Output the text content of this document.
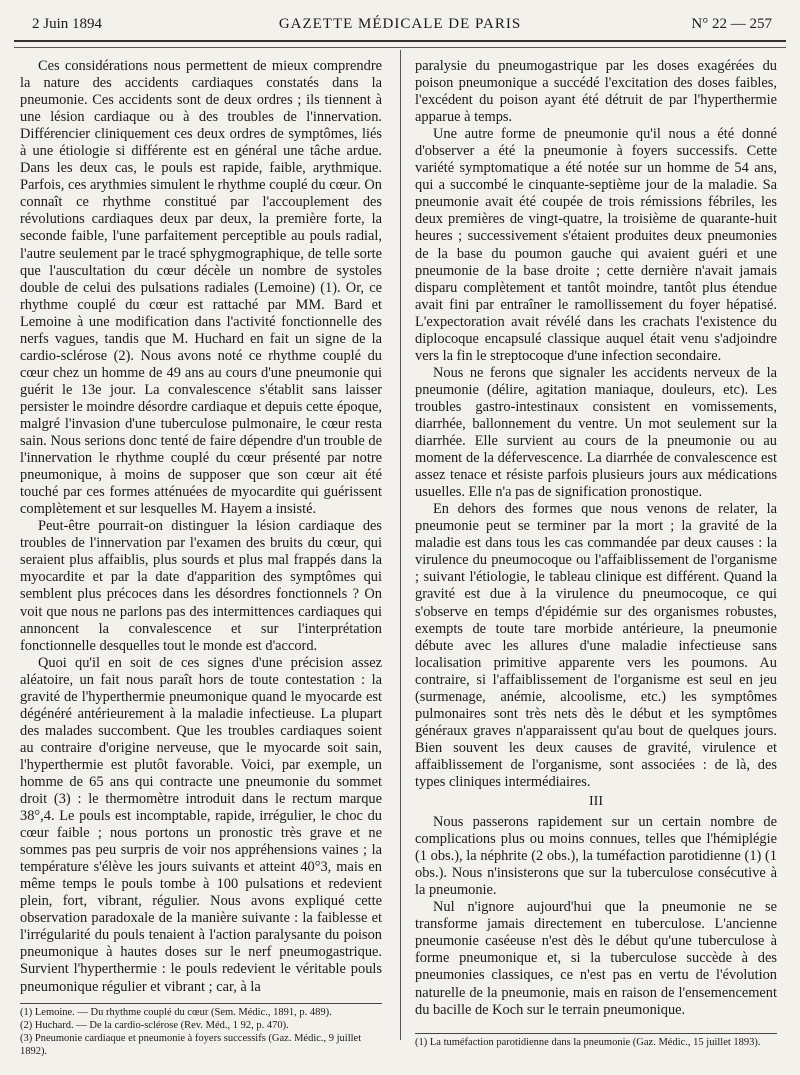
2 Juin 1894	GAZETTE MÉDICALE DE PARIS	N° 22 — 257

Ces considérations nous permettent de mieux comprendre la nature des accidents cardiaques constatés dans la pneumonie. Ces accidents sont de deux ordres ; ils tiennent à une lésion cardiaque ou à des troubles de l'innervation. Différencier cliniquement ces deux ordres de symptômes, liés à une étiologie si différente est en général une tâche ardue. Dans les deux cas, le pouls est rapide, faible, arythmique. Parfois, ces arythmies simulent le rhythme couplé du cœur. On connaît ce rhythme constitué par l'accouplement des révolutions cardiaques deux par deux, la première forte, la seconde faible, l'une parfaitement perceptible au pouls radial, l'autre seulement par le tracé sphygmographique, de telle sorte que l'auscultation du cœur décèle un nombre de systoles double de celui des pulsations radiales (Lemoine) (1). Or, ce rhythme couplé du cœur est rattaché par MM. Bard et Lemoine à une modification dans l'activité fonctionnelle des nerfs vagues, tandis que M. Huchard en fait un signe de la cardio-sclérose (2). Nous avons noté ce rhythme couplé du cœur chez un homme de 49 ans au cours d'une pneumonie qui guérit le 13e jour. La convalescence s'établit sans laisser persister le moindre désordre cardiaque et depuis cette époque, malgré l'invasion d'une tuberculose pulmonaire, le cœur resta sain. Nous serions donc tenté de faire dépendre d'un trouble de l'innervation le rhythme couplé du cœur présenté par notre pneumonique, à moins de supposer que son cœur ait été touché par ces formes atténuées de myocardite qui guérissent complètement et sur lesquelles M. Hayem a insisté.

Peut-être pourrait-on distinguer la lésion cardiaque des troubles de l'innervation par l'examen des bruits du cœur, qui seraient plus affaiblis, plus sourds et plus mal frappés dans la myocardite et par la date d'apparition des symptômes qui semblent plus précoces dans les désordres fonctionnels ? On voit que nous ne parlons pas des intermittences cardiaques qui annoncent la convalescence et sur l'interprétation fonctionnelle desquelles tout le monde est d'accord.

Quoi qu'il en soit de ces signes d'une précision assez aléatoire, un fait nous paraît hors de toute contestation : la gravité de l'hyperthermie pneumonique quand le myocarde est dégénéré antérieurement à la maladie infectieuse. La plupart des malades succombent. Que les troubles cardiaques soient au contraire d'origine nerveuse, que le myocarde soit sain, l'hyperthermie est plutôt favorable. Voici, par exemple, un homme de 65 ans qui contracte une pneumonie du sommet droit (3) : le thermomètre introduit dans le rectum marque 38°,4. Le pouls est incomptable, rapide, irrégulier, le choc du cœur faible ; nous portons un pronostic très grave et ne sommes pas peu surpris de voir nos appréhensions vaines ; la température s'élève les jours suivants et atteint 40°3, mais en même temps le pouls tombe à 100 pulsations et redevient plein, fort, vibrant, régulier. Nous avons expliqué cette observation paradoxale de la manière suivante : la faiblesse et l'irrégularité du pouls tenaient à l'action paralysante du poison pneumonique à hautes doses sur le nerf pneumogastrique. Survient l'hyperthermie : le pouls redevient le véritable pouls pneumonique régulier et vibrant ; car, à la

paralysie du pneumogastrique par les doses exagérées du poison pneumonique a succédé l'excitation des doses faibles, l'excédent du poison ayant été détruit de par l'hyperthermie apparue à temps.

Une autre forme de pneumonie qu'il nous a été donné d'observer a été la pneumonie à foyers successifs. Cette variété symptomatique a été notée sur un homme de 54 ans, qui a succombé le cinquante-septième jour de la maladie. Sa pneumonie avait été coupée de trois rémissions fébriles, les deux premières de vingt-quatre, la troisième de quarante-huit heures ; successivement s'étaient produites deux pneumonies de la base du poumon gauche qui avaient guéri et une pneumonie de la base droite ; cette dernière n'avait jamais disparu complètement et tantôt moindre, tantôt plus étendue avait fini par entraîner le ramollissement du foyer hépatisé. L'expectoration avait révélé dans les crachats l'existence du diplocoque encapsulé classique auquel était venu s'adjoindre vers la fin le streptocoque d'une infection secondaire.

Nous ne ferons que signaler les accidents nerveux de la pneumonie (délire, agitation maniaque, douleurs, etc). Les troubles gastro-intestinaux consistent en vomissements, diarrhée, ballonnement du ventre. Un mot seulement sur la diarrhée. Elle survient au cours de la pneumonie ou au moment de la défervescence. La diarrhée de convalescence est assez tenace et résiste parfois plusieurs jours aux médications usuelles. Elle n'a pas de signification pronostique.

En dehors des formes que nous venons de relater, la pneumonie peut se terminer par la mort ; la gravité de la maladie est dans tous les cas commandée par deux causes : la virulence du pneumocoque ou l'affaiblissement de l'organisme ; suivant l'étiologie, le tableau clinique est différent. Quand la gravité est due à la virulence du pneumocoque, ce qui s'observe en temps d'épidémie sur des organismes robustes, exempts de toute tare morbide antérieure, la pneumonie débute avec les allures d'une maladie infectieuse sans localisation primitive apparente vers les poumons. Au contraire, si l'affaiblissement de l'organisme est seul en jeu (surmenage, anémie, alcoolisme, etc.) les symptômes pulmonaires sont très nets dès le début et les symptômes généraux graves n'apparaissent qu'au bout de quelques jours. Bien souvent les deux causes de gravité, virulence et affaiblissement de l'organisme, sont associées : de là, des types cliniques intermédiaires.

III

Nous passerons rapidement sur un certain nombre de complications plus ou moins connues, telles que l'hémiplégie (1 obs.), la néphrite (2 obs.), la tuméfaction parotidienne (1) (1 obs.). Nous n'insisterons que sur la tuberculose consécutive à la pneumonie.

Nul n'ignore aujourd'hui que la pneumonie ne se transforme jamais directement en tuberculose. L'ancienne pneumonie caséeuse n'est dès le début qu'une tuberculose à forme pneumonique et, si la tuberculose succède à des pneumonies classiques, ce n'est pas en vertu de l'évolution naturelle de la pneumonie, mais en raison de l'ensemencement du bacille de Koch sur le terrain pneumonique.

(1) Lemoine. — Du rhythme couplé du cœur (Sem. Médic., 1891, p. 489).
(2) Huchard. — De la cardio-sclérose (Rev. Méd., 1 92, p. 470).
(3) Pneumonie cardiaque et pneumonie à foyers successifs (Gaz. Médic., 9 juillet 1892).
(1) La tuméfaction parotidienne dans la pneumonie (Gaz. Médic., 15 juillet 1893).
